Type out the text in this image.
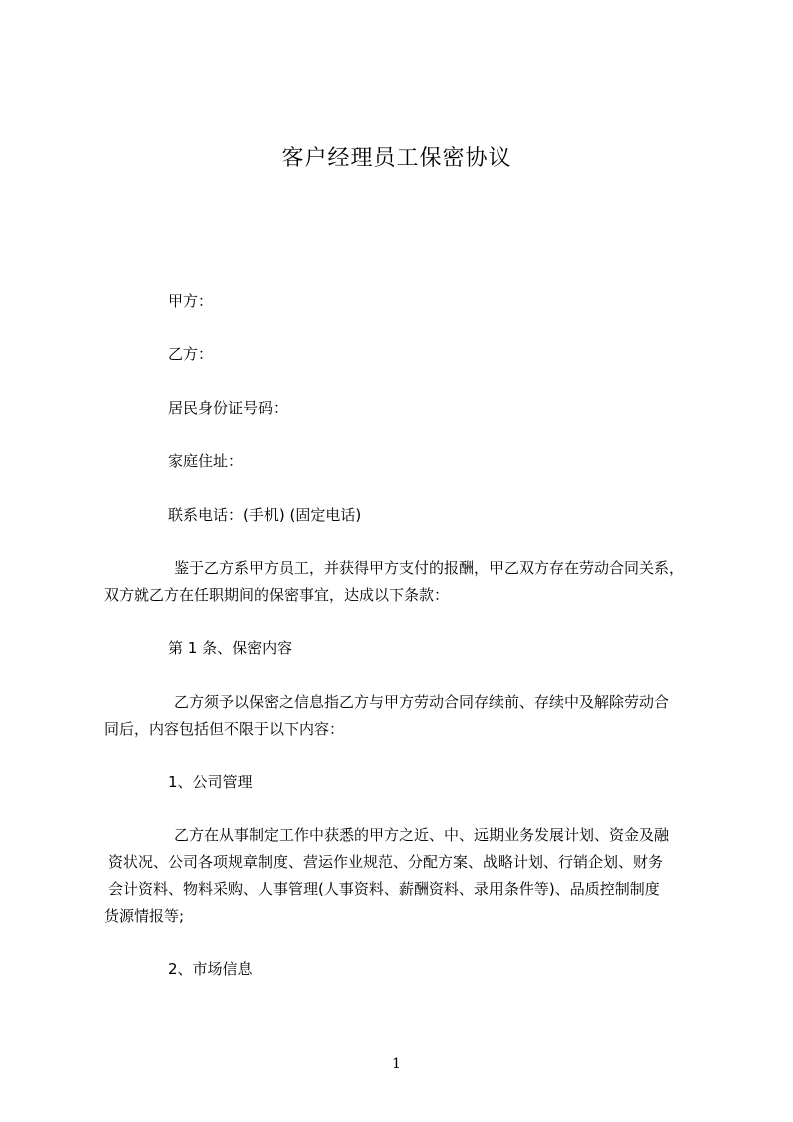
客户经理员工保密协议
甲方：
乙方：
居民身份证号码：
家庭住址：
联系电话：(手机) (固定电话)
鉴于乙方系甲方员工，并获得甲方支付的报酬，甲乙双方存在劳动合同关系，
双方就乙方在任职期间的保密事宜，达成以下条款：
第 1 条、保密内容
乙方须予以保密之信息指乙方与甲方劳动合同存续前、存续中及解除劳动合
同后，内容包括但不限于以下内容：
1、公司管理
乙方在从事制定工作中获悉的甲方之近、中、远期业务发展计划、资金及融
资状况、公司各项规章制度、营运作业规范、分配方案、战略计划、行销企划、财务
会计资料、物料采购、人事管理(人事资料、薪酬资料、录用条件等)、品质控制制度
货源情报等;
2、市场信息
1
